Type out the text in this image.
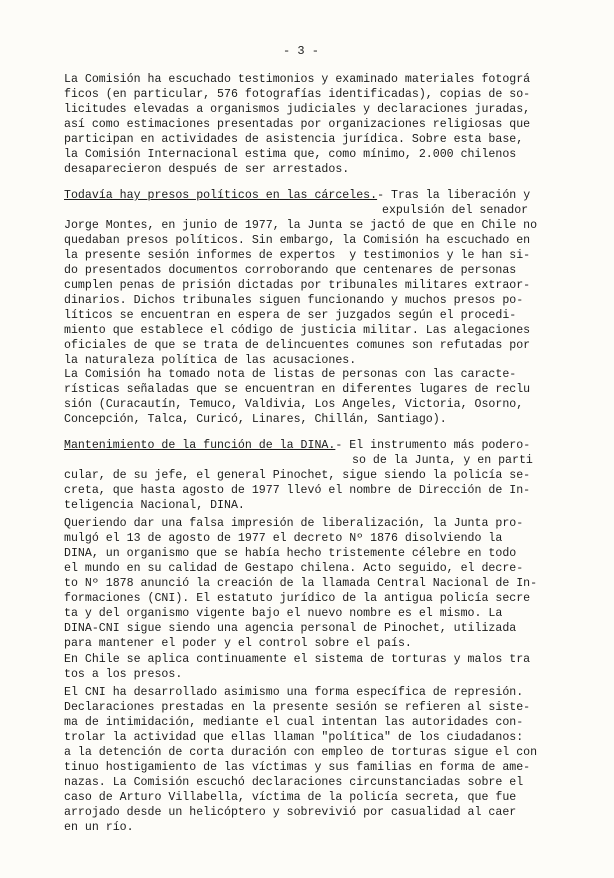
- 3 -
La Comisión ha escuchado testimonios y examinado materiales fotográ
ficos (en particular, 576 fotografías identificadas), copias de so-
licitudes elevadas a organismos judiciales y declaraciones juradas,
así como estimaciones presentadas por organizaciones religiosas que
participan en actividades de asistencia jurídica. Sobre esta base,
la Comisión Internacional estima que, como mínimo, 2.000 chilenos
desaparecieron después de ser arrestados.
Todavía hay presos políticos en las cárceles.- Tras la liberación y
expulsión del senador
Jorge Montes, en junio de 1977, la Junta se jactó de que en Chile no
quedaban presos políticos. Sin embargo, la Comisión ha escuchado en
la presente sesión informes de expertos  y testimonios y le han si-
do presentados documentos corroborando que centenares de personas
cumplen penas de prisión dictadas por tribunales militares extraor-
dinarios. Dichos tribunales siguen funcionando y muchos presos po-
líticos se encuentran en espera de ser juzgados según el procedi-
miento que establece el código de justicia militar. Las alegaciones
oficiales de que se trata de delincuentes comunes son refutadas por
la naturaleza política de las acusaciones.
La Comisión ha tomado nota de listas de personas con las caracte-
rísticas señaladas que se encuentran en diferentes lugares de reclu
sión (Curacautín, Temuco, Valdivia, Los Angeles, Victoria, Osorno,
Concepción, Talca, Curicó, Linares, Chillán, Santiago).
Mantenimiento de la función de la DINA.- El instrumento más podero-
so de la Junta, y en parti
cular, de su jefe, el general Pinochet, sigue siendo la policía se-
creta, que hasta agosto de 1977 llevó el nombre de Dirección de In-
teligencia Nacional, DINA.
Queriendo dar una falsa impresión de liberalización, la Junta pro-
mulgó el 13 de agosto de 1977 el decreto Nº 1876 disolviendo la
DINA, un organismo que se había hecho tristemente célebre en todo
el mundo en su calidad de Gestapo chilena. Acto seguido, el decre-
to Nº 1878 anunció la creación de la llamada Central Nacional de In-
formaciones (CNI). El estatuto jurídico de la antigua policía secre
ta y del organismo vigente bajo el nuevo nombre es el mismo. La
DINA-CNI sigue siendo una agencia personal de Pinochet, utilizada
para mantener el poder y el control sobre el país.
En Chile se aplica continuamente el sistema de torturas y malos tra
tos a los presos.
El CNI ha desarrollado asimismo una forma específica de represión.
Declaraciones prestadas en la presente sesión se refieren al siste-
ma de intimidación, mediante el cual intentan las autoridades con-
trolar la actividad que ellas llaman "política" de los ciudadanos:
a la detención de corta duración con empleo de torturas sigue el con
tinuo hostigamiento de las víctimas y sus familias en forma de ame-
nazas. La Comisión escuchó declaraciones circunstanciadas sobre el
caso de Arturo Villabella, víctima de la policía secreta, que fue
arrojado desde un helicóptero y sobrevivió por casualidad al caer
en un río.
